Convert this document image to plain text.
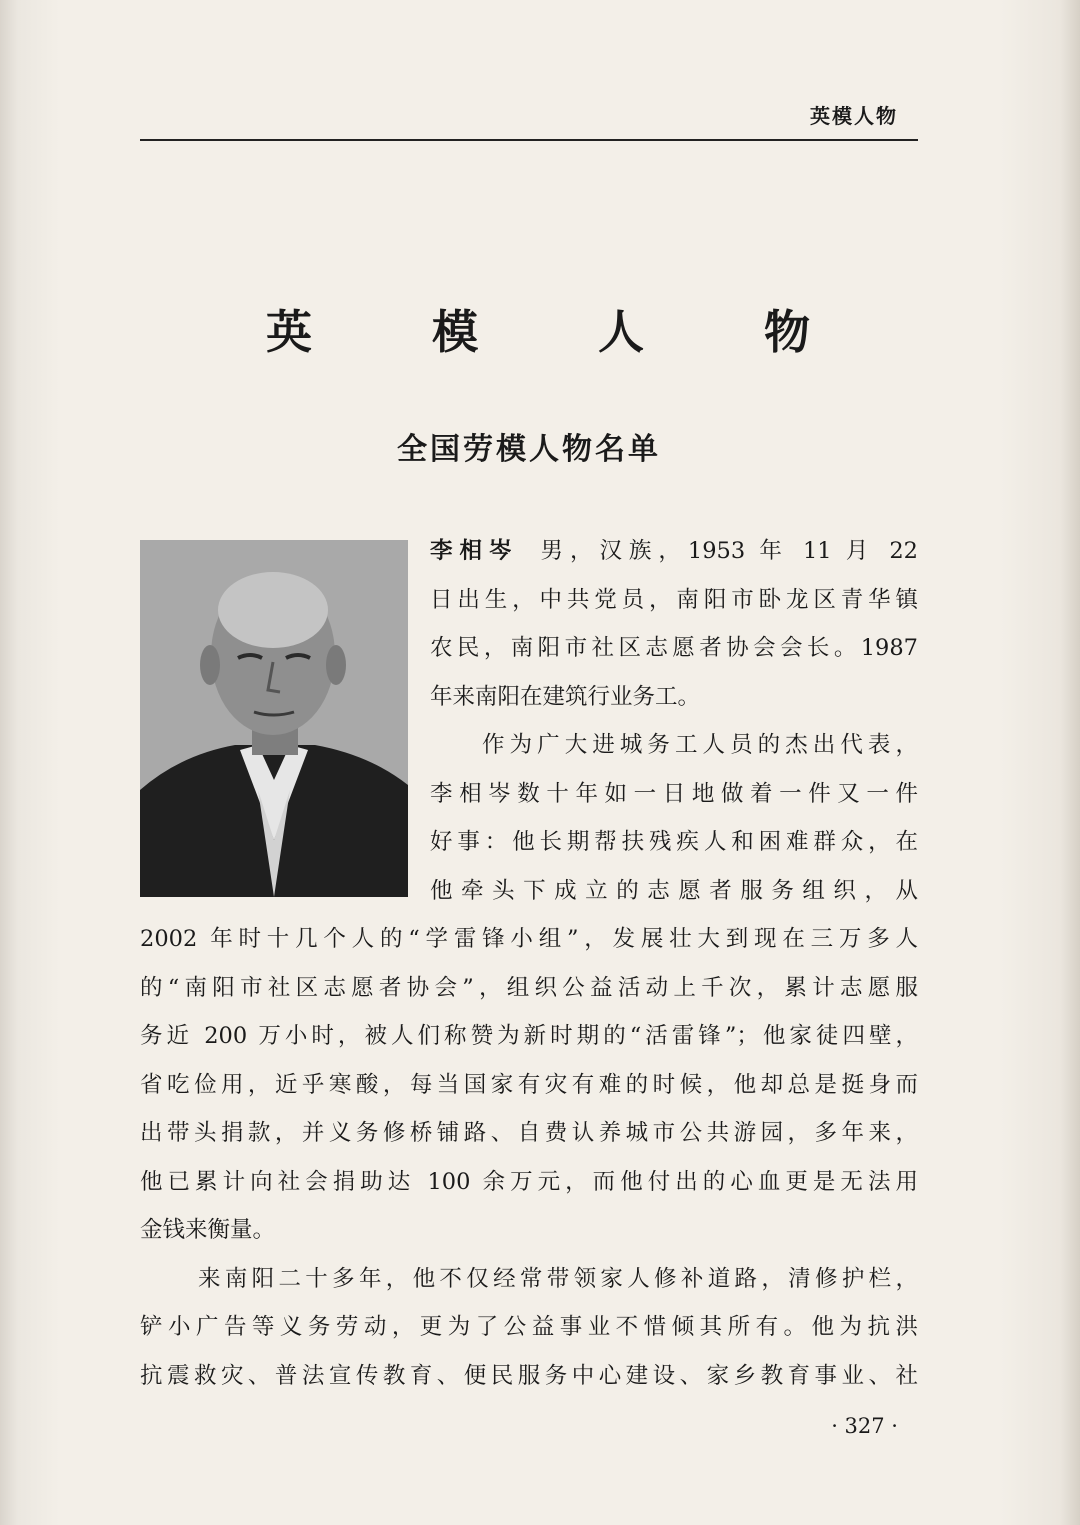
英模人物
英 模 人 物
全国劳模人物名单
李相岑 男，汉族，1953 年 11 月 22
日出生，中共党员，南阳市卧龙区青华镇
农民，南阳市社区志愿者协会会长。1987
年来南阳在建筑行业务工。
作为广大进城务工人员的杰出代表，
李相岑数十年如一日地做着一件又一件
好事：他长期帮扶残疾人和困难群众，在
他牵头下成立的志愿者服务组织，从
2002 年时十几个人的“学雷锋小组”，发展壮大到现在三万多人
的“南阳市社区志愿者协会”，组织公益活动上千次，累计志愿服
务近 200 万小时，被人们称赞为新时期的“活雷锋”；他家徒四壁，
省吃俭用，近乎寒酸，每当国家有灾有难的时候，他却总是挺身而
出带头捐款，并义务修桥铺路、自费认养城市公共游园，多年来，
他已累计向社会捐助达 100 余万元，而他付出的心血更是无法用
金钱来衡量。
来南阳二十多年，他不仅经常带领家人修补道路，清修护栏，
铲小广告等义务劳动，更为了公益事业不惜倾其所有。他为抗洪
抗震救灾、普法宣传教育、便民服务中心建设、家乡教育事业、社
· 327 ·
